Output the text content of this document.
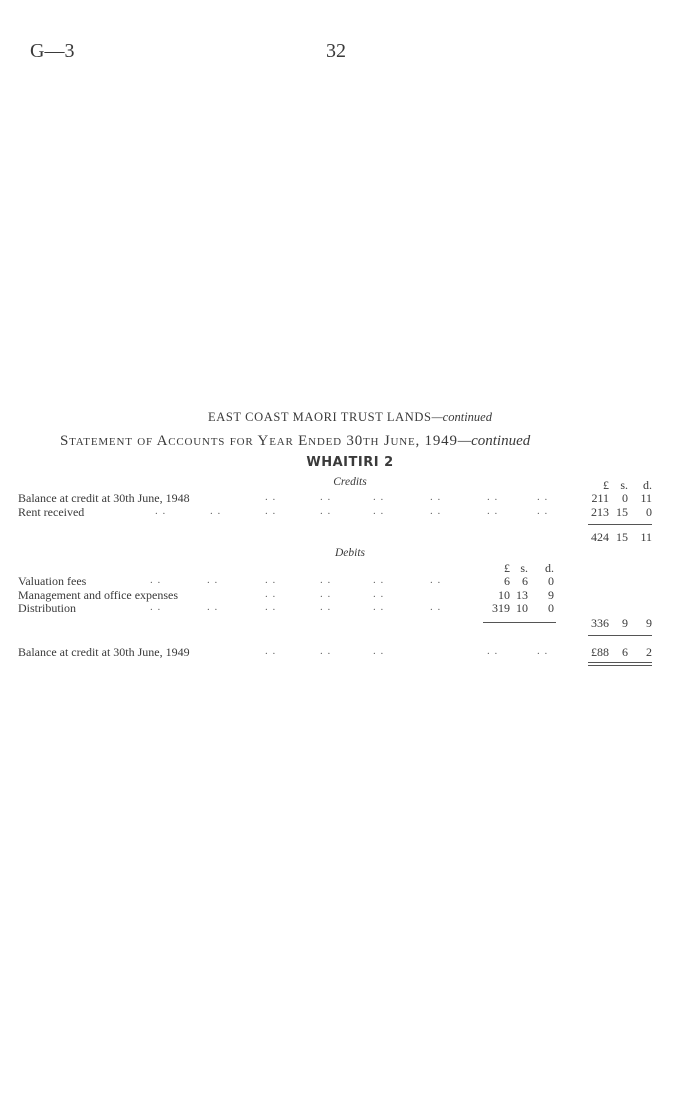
G—3	32
EAST COAST MAORI TRUST LANDS—continued
Statement of Accounts for Year Ended 30th June, 1949—continued
WHAITIRI 2
Credits	£ s.	d.
Balance at credit at 30th June, 1948	. .	. .	. .	. .	. .	. .	211	0	11
Rent received	. .	. .	. .	. .	. .	. .	. .	. .	213 15	0
424 15	11
Debits
£ s.	d.
Valuation fees	. .	. .	. .	. .	. .	. .	6	6	0
Management and office expenses	. .	. .	. .	10 13	9
Distribution	. .	. .	. .	. .	. .	. .	319 10	0
336	9	9
Balance at credit at 30th June, 1949	. .	. .	. .	. .	. .	£88	6	2
